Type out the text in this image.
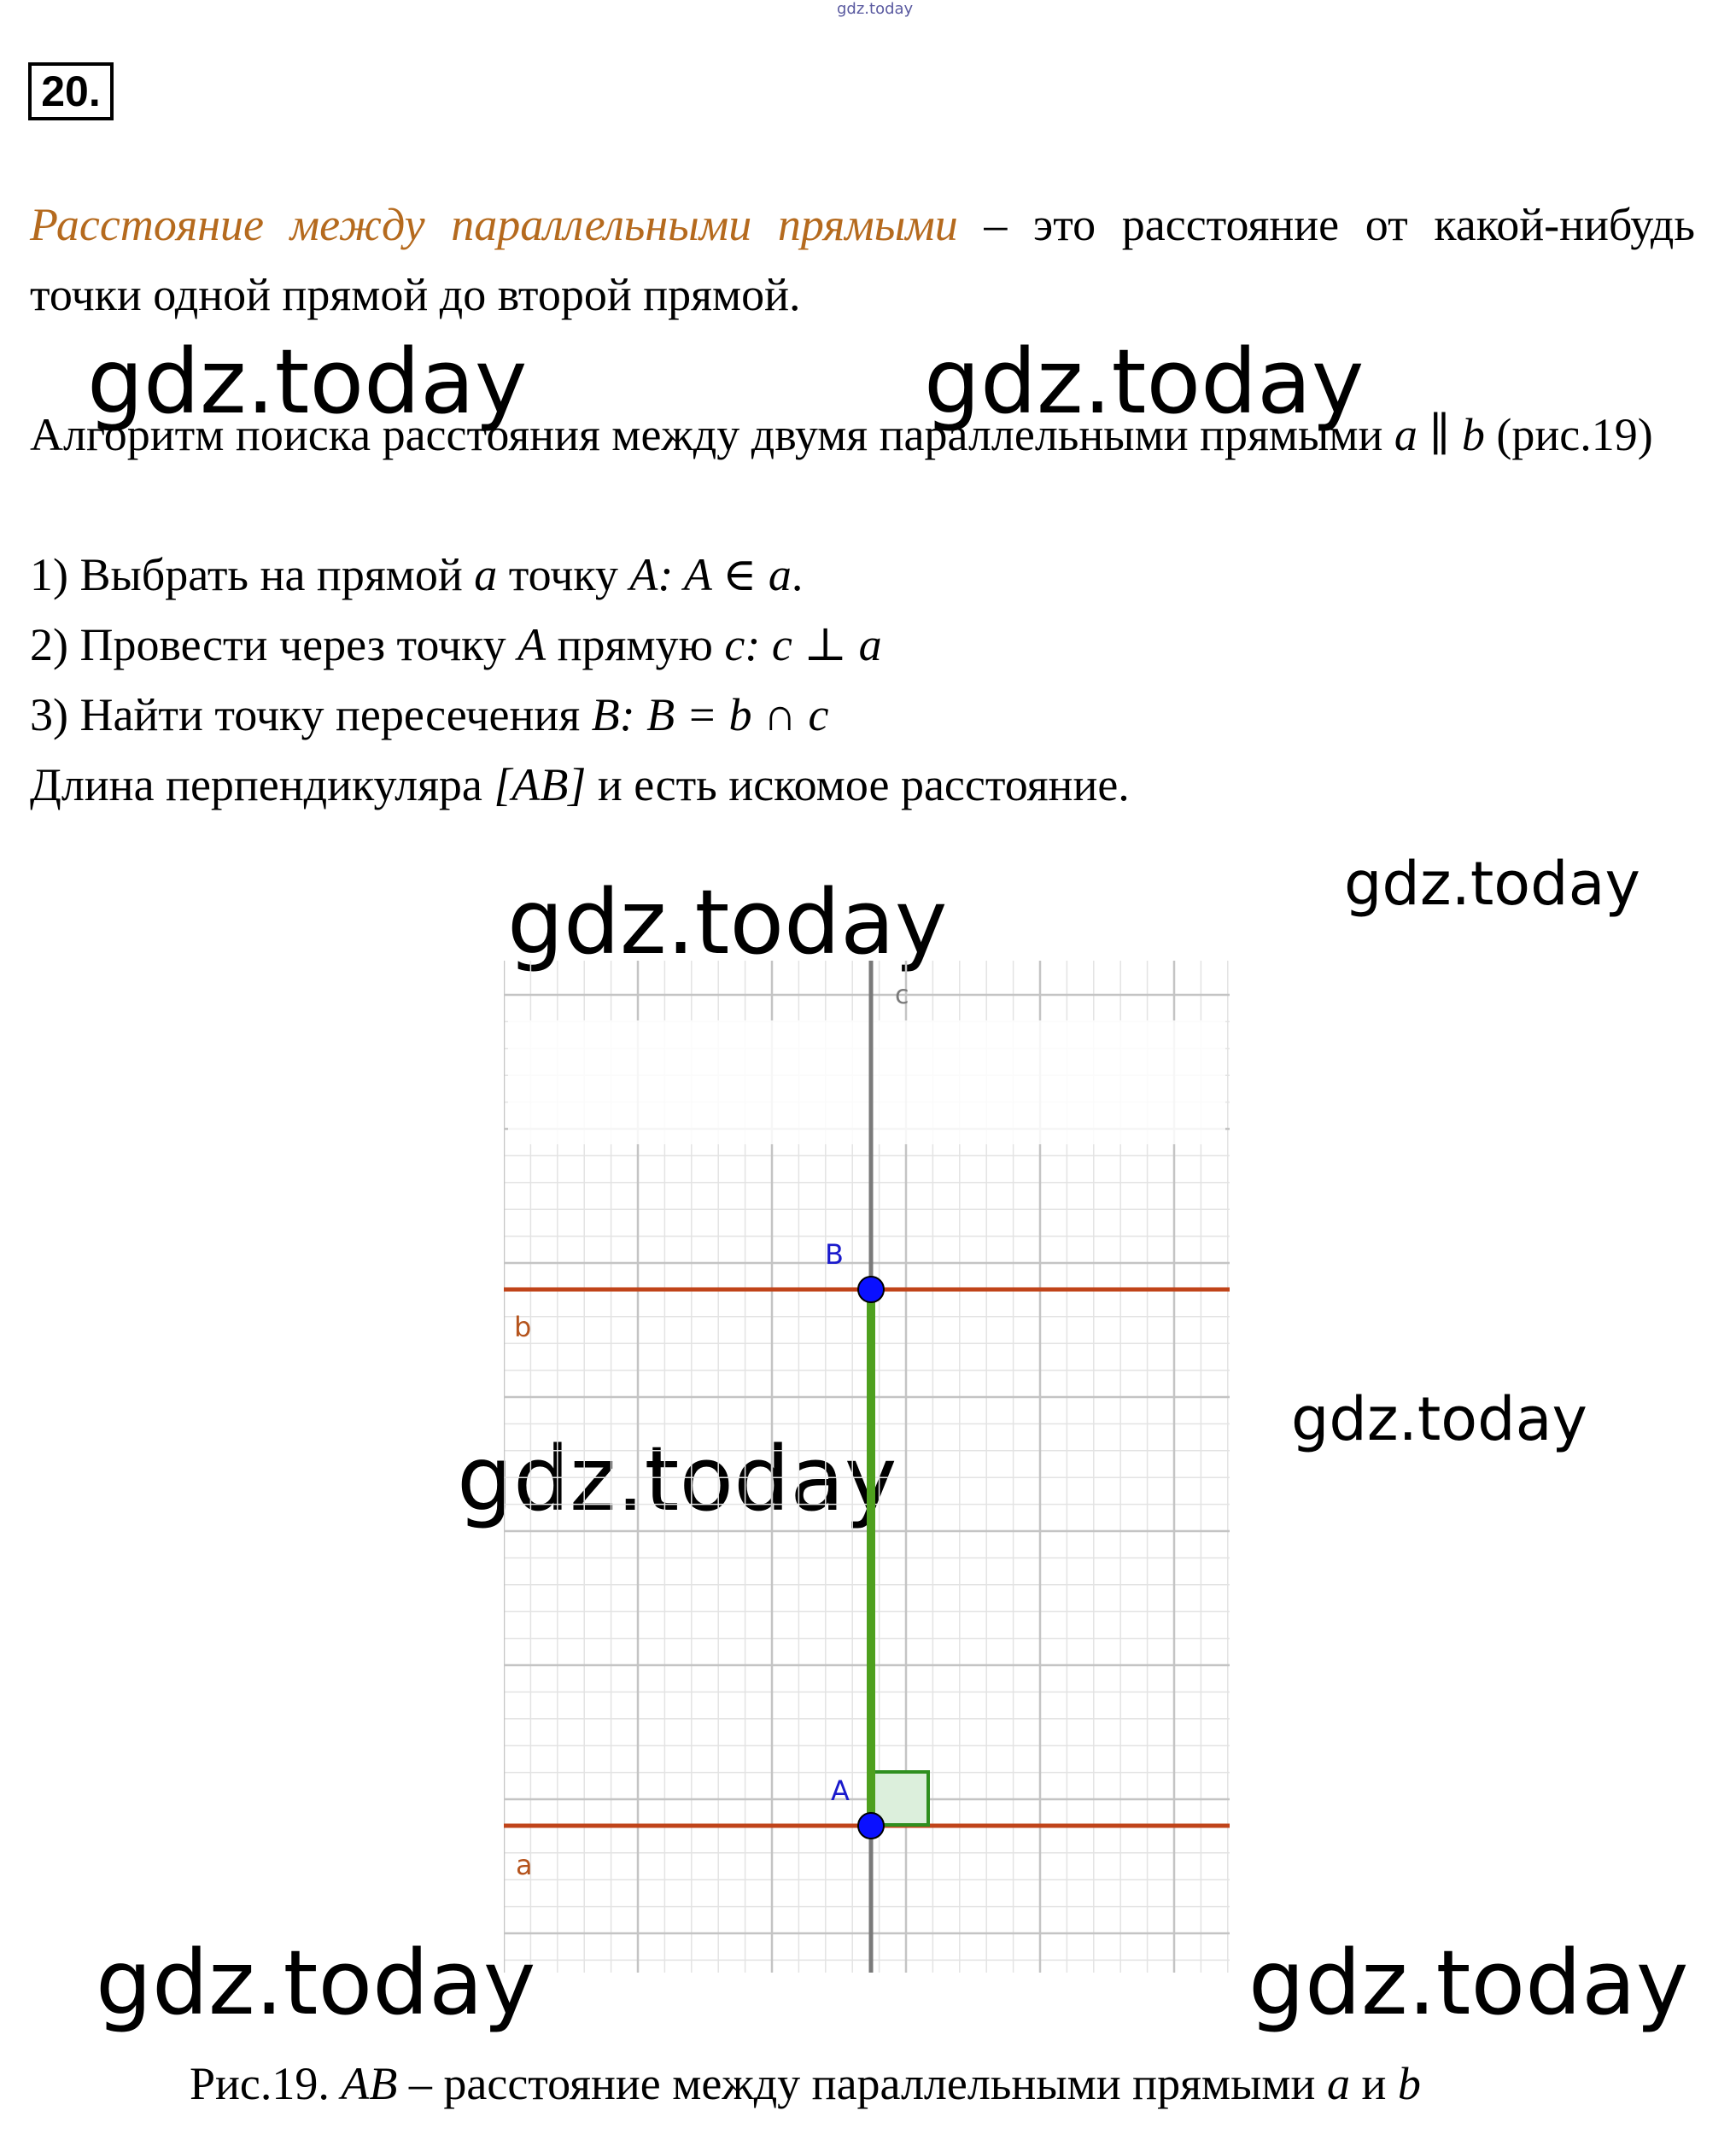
gdz.today
gdz.today	gdz.today
gdz.today	gdz.today
gdz.today
gdz.today
20.

Расстояние между параллельными прямыми – это расстояние от какой-нибудь точки одной прямой до второй прямой.

Алгоритм поиска расстояния между двумя параллельными прямыми a ∥ b (рис.19)

1) Выбрать на прямой a точку A: A ∈ a.
2) Провести через точку A прямую c: c ⊥ a
3) Найти точку пересечения B: B = b ∩ c
Длина перпендикуляра [AB] и есть искомое расстояние.
c
b
a
B
A
gdz.today	gdz.today
Рис.19. AB – расстояние между параллельными прямыми a и b
